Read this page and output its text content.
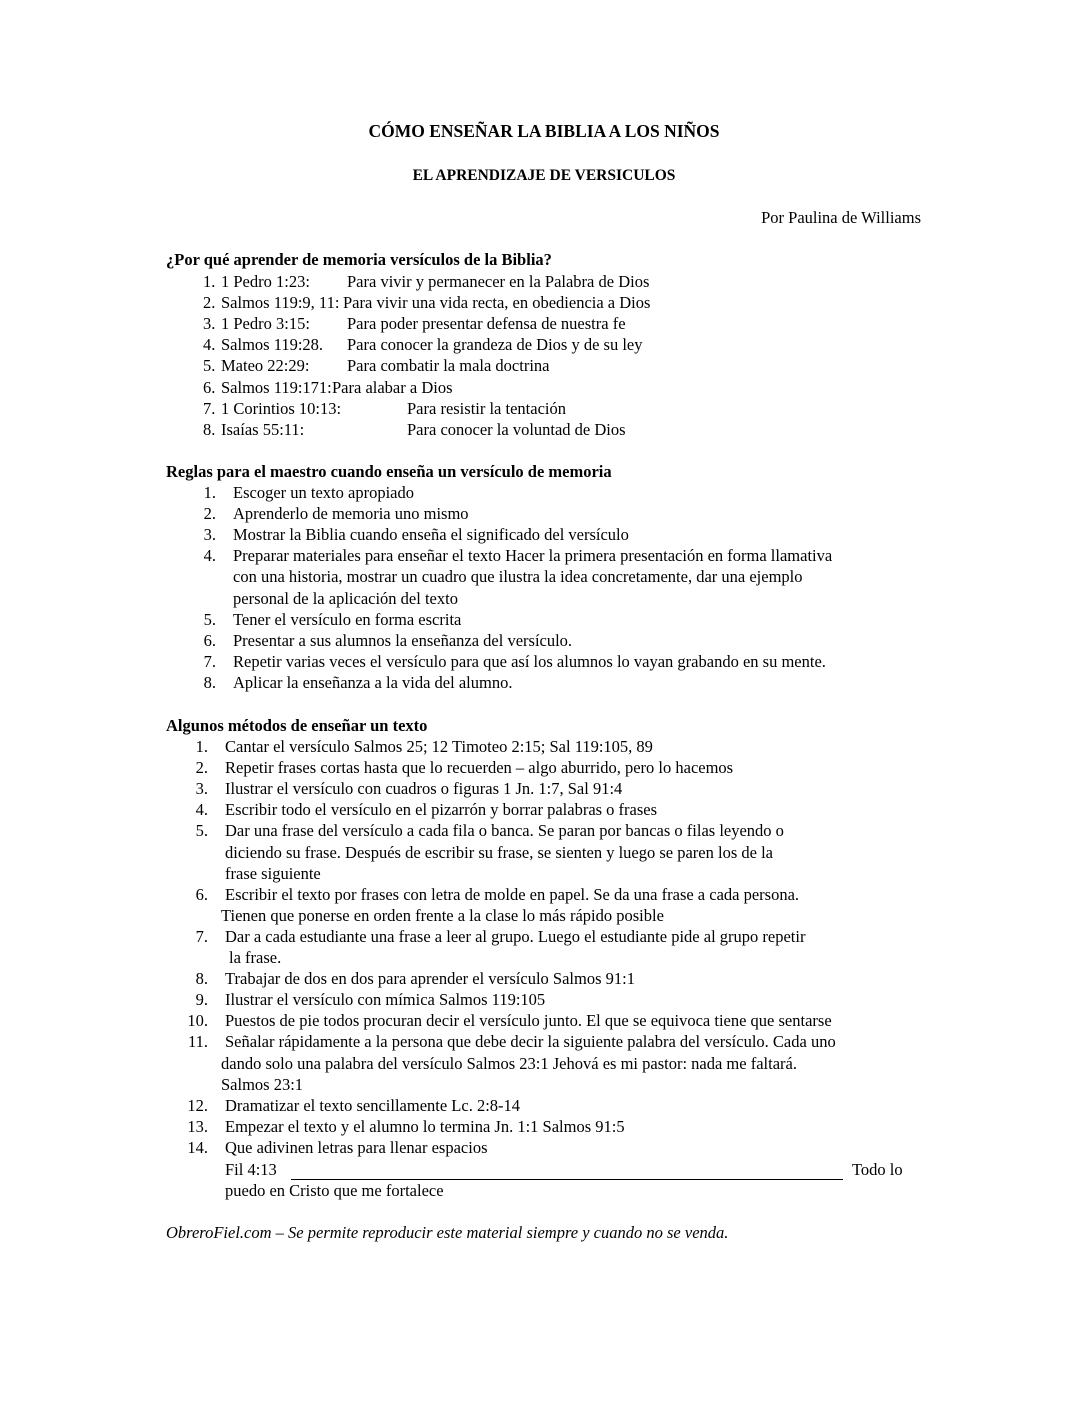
CÓMO ENSEÑAR LA BIBLIA A LOS NIÑOS
EL APRENDIZAJE DE VERSICULOS
Por Paulina de Williams
¿Por qué aprender de memoria versículos de la Biblia?
Reglas para el maestro cuando enseña un versículo de memoria
Algunos métodos de enseñar un texto
Fil 4:13	Todo lo
puedo en Cristo que me fortalece
ObreroFiel.com – Se permite reproducir este material siempre y cuando no se venda.
1. 1 Pedro 1:23: Para vivir y permanecer en la Palabra de Dios
2. Salmos 119:9, 11: Para vivir una vida recta, en obediencia a Dios
3. 1 Pedro 3:15: Para poder presentar defensa de nuestra fe
4. Salmos 119:28. Para conocer la grandeza de Dios y de su ley
5. Mateo 22:29: Para combatir la mala doctrina
6. Salmos 119:171: Para alabar a Dios
7. 1 Corintios 10:13:	Para resistir la tentación
8. Isaías 55:11:	Para conocer la voluntad de Dios
1. Escoger un texto apropiado
2. Aprenderlo de memoria uno mismo
3. Mostrar la Biblia cuando enseña el significado del versículo
4. Preparar materiales para enseñar el texto Hacer la primera presentación en forma llamativa
con una historia, mostrar un cuadro que ilustra la idea concretamente, dar una ejemplo
personal de la aplicación del texto
5. Tener el versículo en forma escrita
6. Presentar a sus alumnos la enseñanza del versículo.
7. Repetir varias veces el versículo para que así los alumnos lo vayan grabando en su mente.
8. Aplicar la enseñanza a la vida del alumno.
1. Cantar el versículo Salmos 25; 12 Timoteo 2:15; Sal 119:105, 89
2. Repetir frases cortas hasta que lo recuerden – algo aburrido, pero lo hacemos
3. Ilustrar el versículo con cuadros o figuras 1 Jn. 1:7, Sal 91:4
4. Escribir todo el versículo en el pizarrón y borrar palabras o frases
5. Dar una frase del versículo a cada fila o banca. Se paran por bancas o filas leyendo o
diciendo su frase. Después de escribir su frase, se sienten y luego se paren los de la
frase siguiente
6. Escribir el texto por frases con letra de molde en papel. Se da una frase a cada persona.
Tienen que ponerse en orden frente a la clase lo más rápido posible
7. Dar a cada estudiante una frase a leer al grupo. Luego el estudiante pide al grupo repetir
la frase.
8. Trabajar de dos en dos para aprender el versículo Salmos 91:1
9. Ilustrar el versículo con mímica Salmos 119:105
10. Puestos de pie todos procuran decir el versículo junto. El que se equivoca tiene que sentarse
11. Señalar rápidamente a la persona que debe decir la siguiente palabra del versículo. Cada uno
dando solo una palabra del versículo Salmos 23:1 Jehová es mi pastor: nada me faltará.
Salmos 23:1
12. Dramatizar el texto sencillamente Lc. 2:8-14
13. Empezar el texto y el alumno lo termina Jn. 1:1 Salmos 91:5
14. Que adivinen letras para llenar espacios
